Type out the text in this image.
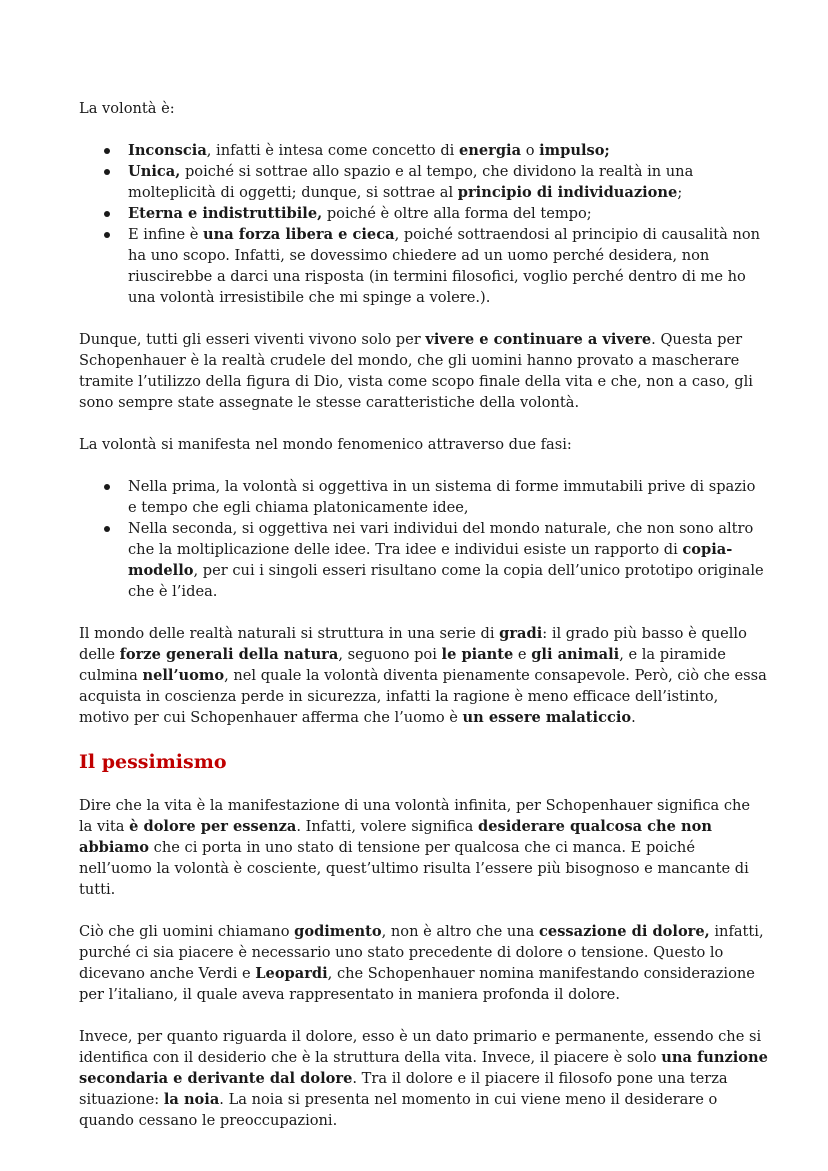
La volontà è:

Inconscia, infatti è intesa come concetto di energia o impulso;
Unica, poiché si sottrae allo spazio e al tempo, che dividono la realtà in una molteplicità di oggetti; dunque, si sottrae al principio di individuazione;
Eterna e indistruttibile, poiché è oltre alla forma del tempo;
E infine è una forza libera e cieca, poiché sottraendosi al principio di causalità non ha uno scopo. Infatti, se dovessimo chiedere ad un uomo perché desidera, non riuscirebbe a darci una risposta (in termini filosofici, voglio perché dentro di me ho una volontà irresistibile che mi spinge a volere.).

Dunque, tutti gli esseri viventi vivono solo per vivere e continuare a vivere. Questa per Schopenhauer è la realtà crudele del mondo, che gli uomini hanno provato a mascherare tramite l’utilizzo della figura di Dio, vista come scopo finale della vita e che, non a caso, gli sono sempre state assegnate le stesse caratteristiche della volontà.

La volontà si manifesta nel mondo fenomenico attraverso due fasi:

Nella prima, la volontà si oggettiva in un sistema di forme immutabili prive di spazio e tempo che egli chiama platonicamente idee,
Nella seconda, si oggettiva nei vari individui del mondo naturale, che non sono altro che la moltiplicazione delle idee. Tra idee e individui esiste un rapporto di copia-modello, per cui i singoli esseri risultano come la copia dell’unico prototipo originale che è l’idea.

Il mondo delle realtà naturali si struttura in una serie di gradi: il grado più basso è quello delle forze generali della natura, seguono poi le piante e gli animali, e la piramide culmina nell’uomo, nel quale la volontà diventa pienamente consapevole. Però, ciò che essa acquista in coscienza perde in sicurezza, infatti la ragione è meno efficace dell’istinto, motivo per cui Schopenhauer afferma che l’uomo è un essere malaticcio.

Il pessimismo

Dire che la vita è la manifestazione di una volontà infinita, per Schopenhauer significa che la vita è dolore per essenza. Infatti, volere significa desiderare qualcosa che non abbiamo che ci porta in uno stato di tensione per qualcosa che ci manca. E poiché nell’uomo la volontà è cosciente, quest’ultimo risulta l’essere più bisognoso e mancante di tutti.

Ciò che gli uomini chiamano godimento, non è altro che una cessazione di dolore, infatti, purché ci sia piacere è necessario uno stato precedente di dolore o tensione. Questo lo dicevano anche Verdi e Leopardi, che Schopenhauer nomina manifestando considerazione per l’italiano, il quale aveva rappresentato in maniera profonda il dolore.

Invece, per quanto riguarda il dolore, esso è un dato primario e permanente, essendo che si identifica con il desiderio che è la struttura della vita. Invece, il piacere è solo una funzione secondaria e derivante dal dolore. Tra il dolore e il piacere il filosofo pone una terza situazione: la noia. La noia si presenta nel momento in cui viene meno il desiderare o quando cessano le preoccupazioni.
